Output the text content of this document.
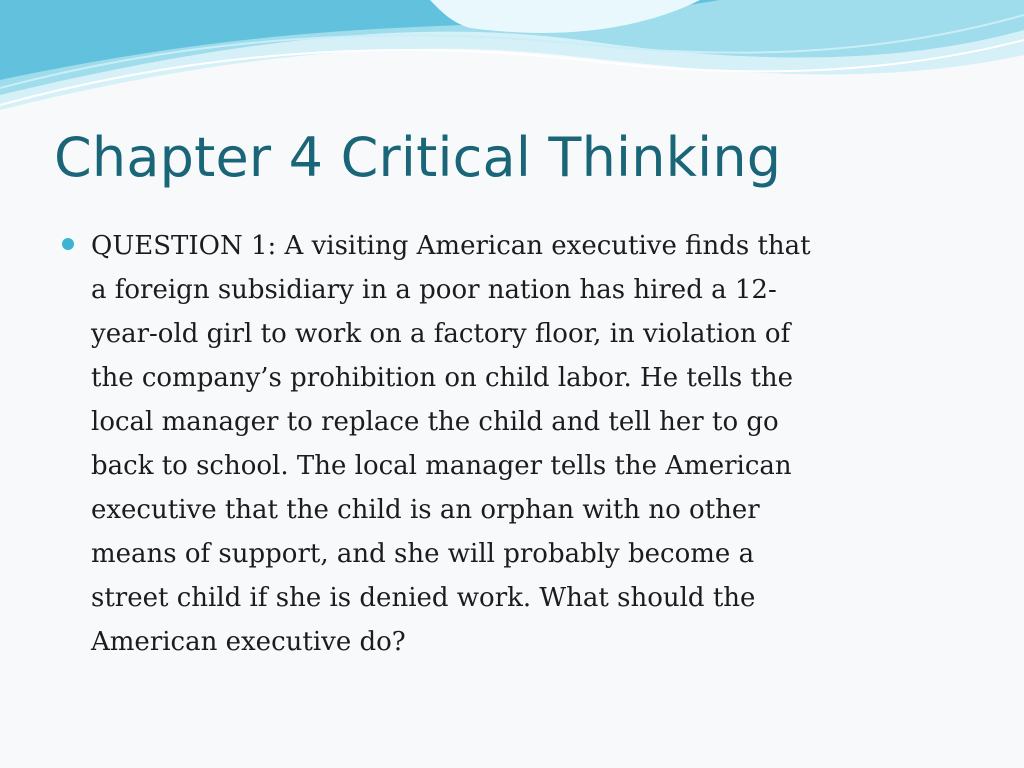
Chapter 4 Critical Thinking
QUESTION 1: A visiting American executive finds that
a foreign subsidiary in a poor nation has hired a 12-
year-old girl to work on a factory floor, in violation of
the company’s prohibition on child labor. He tells the
local manager to replace the child and tell her to go
back to school. The local manager tells the American
executive that the child is an orphan with no other
means of support, and she will probably become a
street child if she is denied work. What should the
American executive do?
